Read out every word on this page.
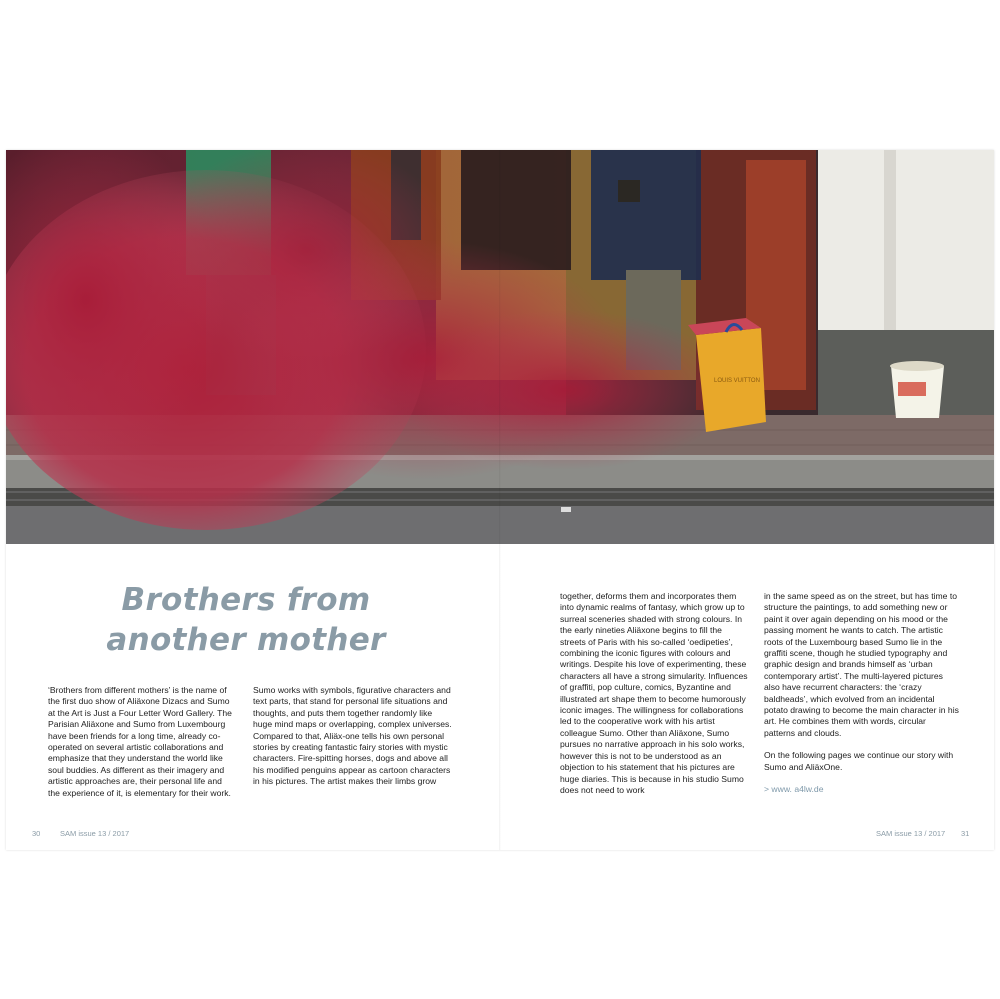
LOUIS VUITTON
Brothers from
another mother

‘Brothers from different mothers’ is the name of the first duo show of Aliäxone Dizacs and Sumo at the Art is Just a Four Letter Word Gallery. The Parisian Aliäxone and Sumo from Luxembourg have been friends for a long time, already co-operated on several artistic collaborations and emphasize that they understand the world like soul buddies. As different as their imagery and artistic approaches are, their personal life and the experience of it, is elementary for their work.

Sumo works with symbols, figurative characters and text parts, that stand for personal life situations and thoughts, and puts them together randomly like huge mind maps or overlapping, complex universes. Compared to that, Aliäx-one tells his own personal stories by creating fantastic fairy stories with mystic characters. Fire-spitting horses, dogs and above all his modified penguins appear as cartoon characters in his pictures. The artist makes their limbs grow

together, deforms them and incorporates them into dynamic realms of fantasy, which grow up to surreal sceneries shaded with strong colours. In the early nineties Aliäxone begins to fill the streets of Paris with his so-called ‘oedipeties’, combining the iconic figures with colours and writings. Despite his love of experimenting, these characters all have a strong simularity. Influences of graffiti, pop culture, comics, Byzantine and illustrated art shape them to become humorously iconic images. The willingness for collaborations led to the cooperative work with his artist colleague Sumo. Other than Aliäxone, Sumo pursues no narrative approach in his solo works, however this is not to be understood as an objection to his statement that his pictures are huge diaries. This is because in his studio Sumo does not need to work

in the same speed as on the street, but has time to structure the paintings, to add something new or paint it over again depending on his mood or the passing moment he wants to catch. The artistic roots of the Luxembourg based Sumo lie in the graffiti scene, though he studied typography and graphic design and brands himself as ‘urban contemporary artist’. The multi-layered pictures also have recurrent characters: the ‘crazy baldheads’, which evolved from an incidental potato drawing to become the main character in his art. He combines them with words, circular patterns and clouds.

On the following pages we continue our story with Sumo and AliäxOne.

> www. a4lw.de

30	SAM issue 13 / 2017	SAM issue 13 / 2017 31
